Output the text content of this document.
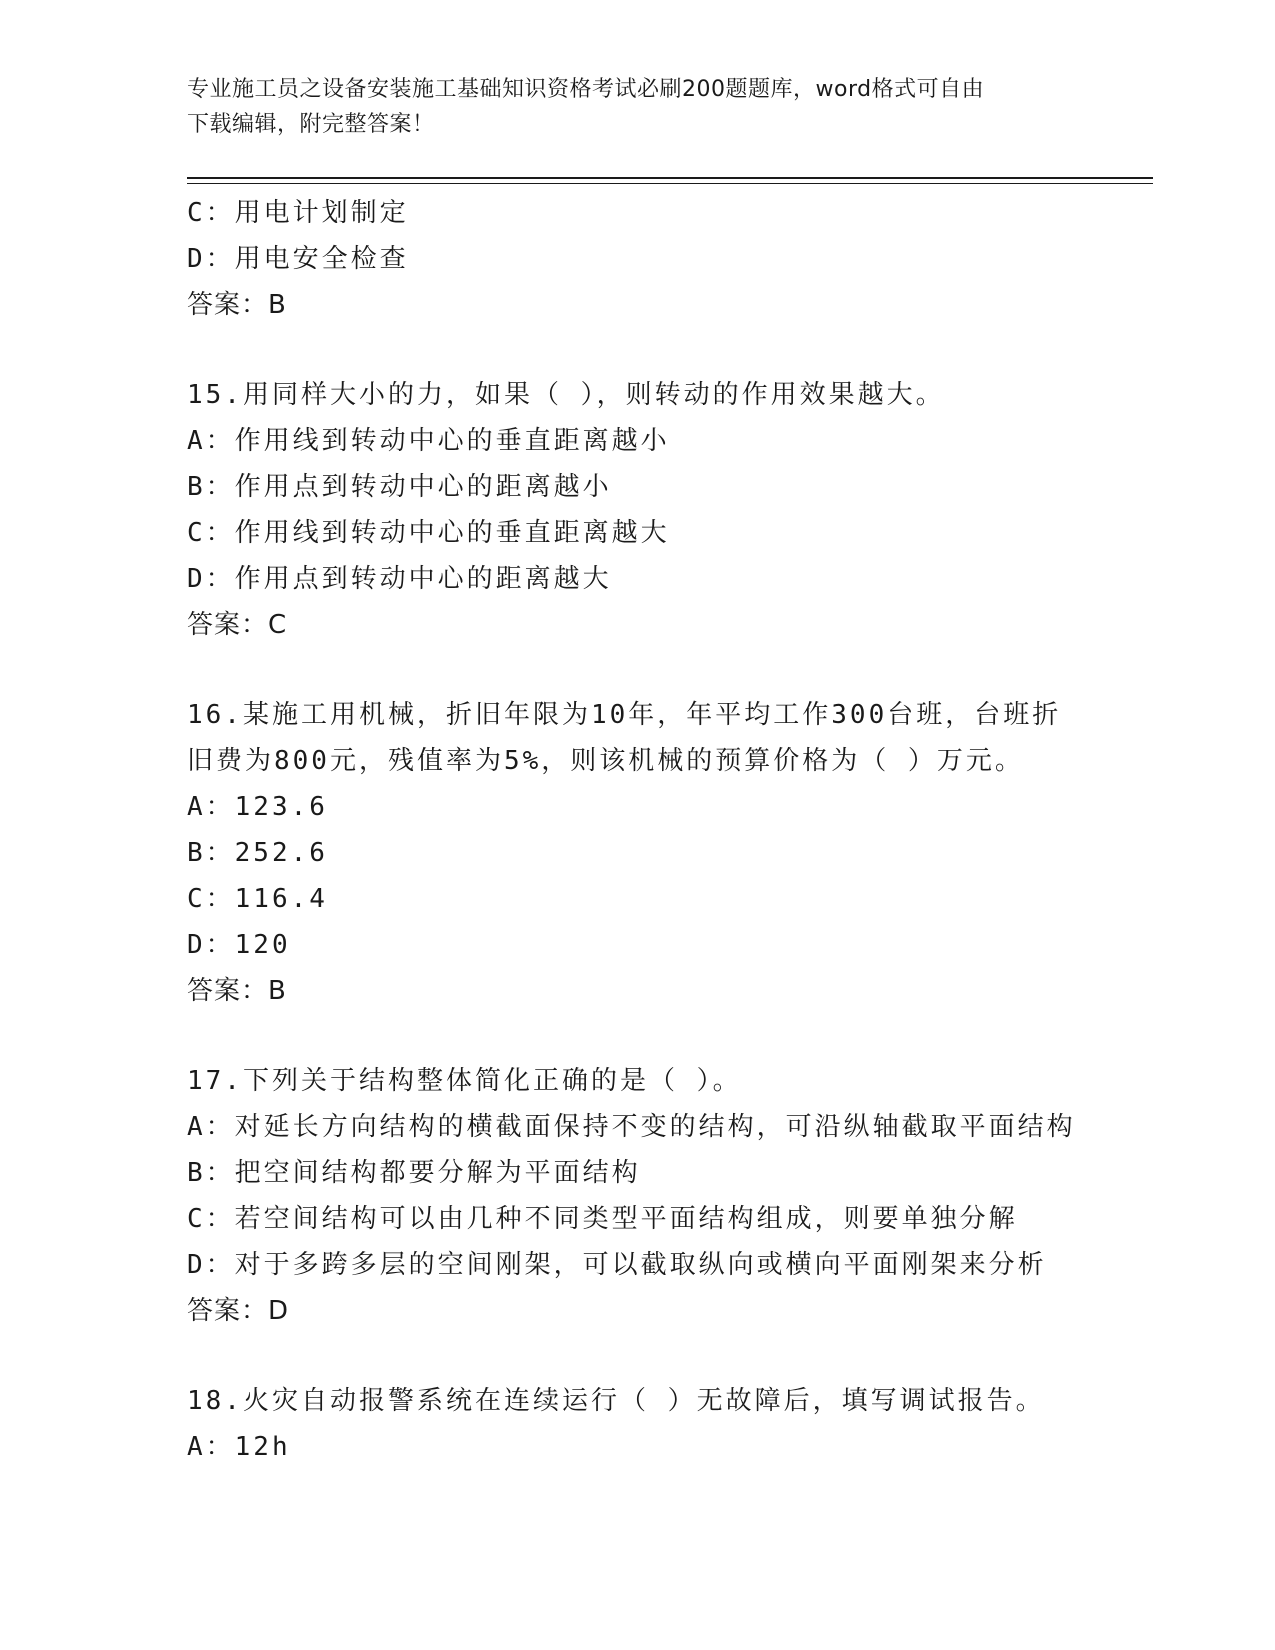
专业施工员之设备安装施工基础知识资格考试必刷200题题库，word格式可自由
下载编辑，附完整答案！
C：用电计划制定
D：用电安全检查
答案：B
15.用同样大小的力，如果（ ），则转动的作用效果越大。
A：作用线到转动中心的垂直距离越小
B：作用点到转动中心的距离越小
C：作用线到转动中心的垂直距离越大
D：作用点到转动中心的距离越大
答案：C
16.某施工用机械，折旧年限为10年，年平均工作300台班，台班折
旧费为800元，残值率为5%，则该机械的预算价格为（ ）万元。
A：123.6
B：252.6
C：116.4
D：120
答案：B
17.下列关于结构整体简化正确的是（ ）。
A：对延长方向结构的横截面保持不变的结构，可沿纵轴截取平面结构
B：把空间结构都要分解为平面结构
C：若空间结构可以由几种不同类型平面结构组成，则要单独分解
D：对于多跨多层的空间刚架，可以截取纵向或横向平面刚架来分析
答案：D
18.火灾自动报警系统在连续运行（ ）无故障后，填写调试报告。
A：12h
